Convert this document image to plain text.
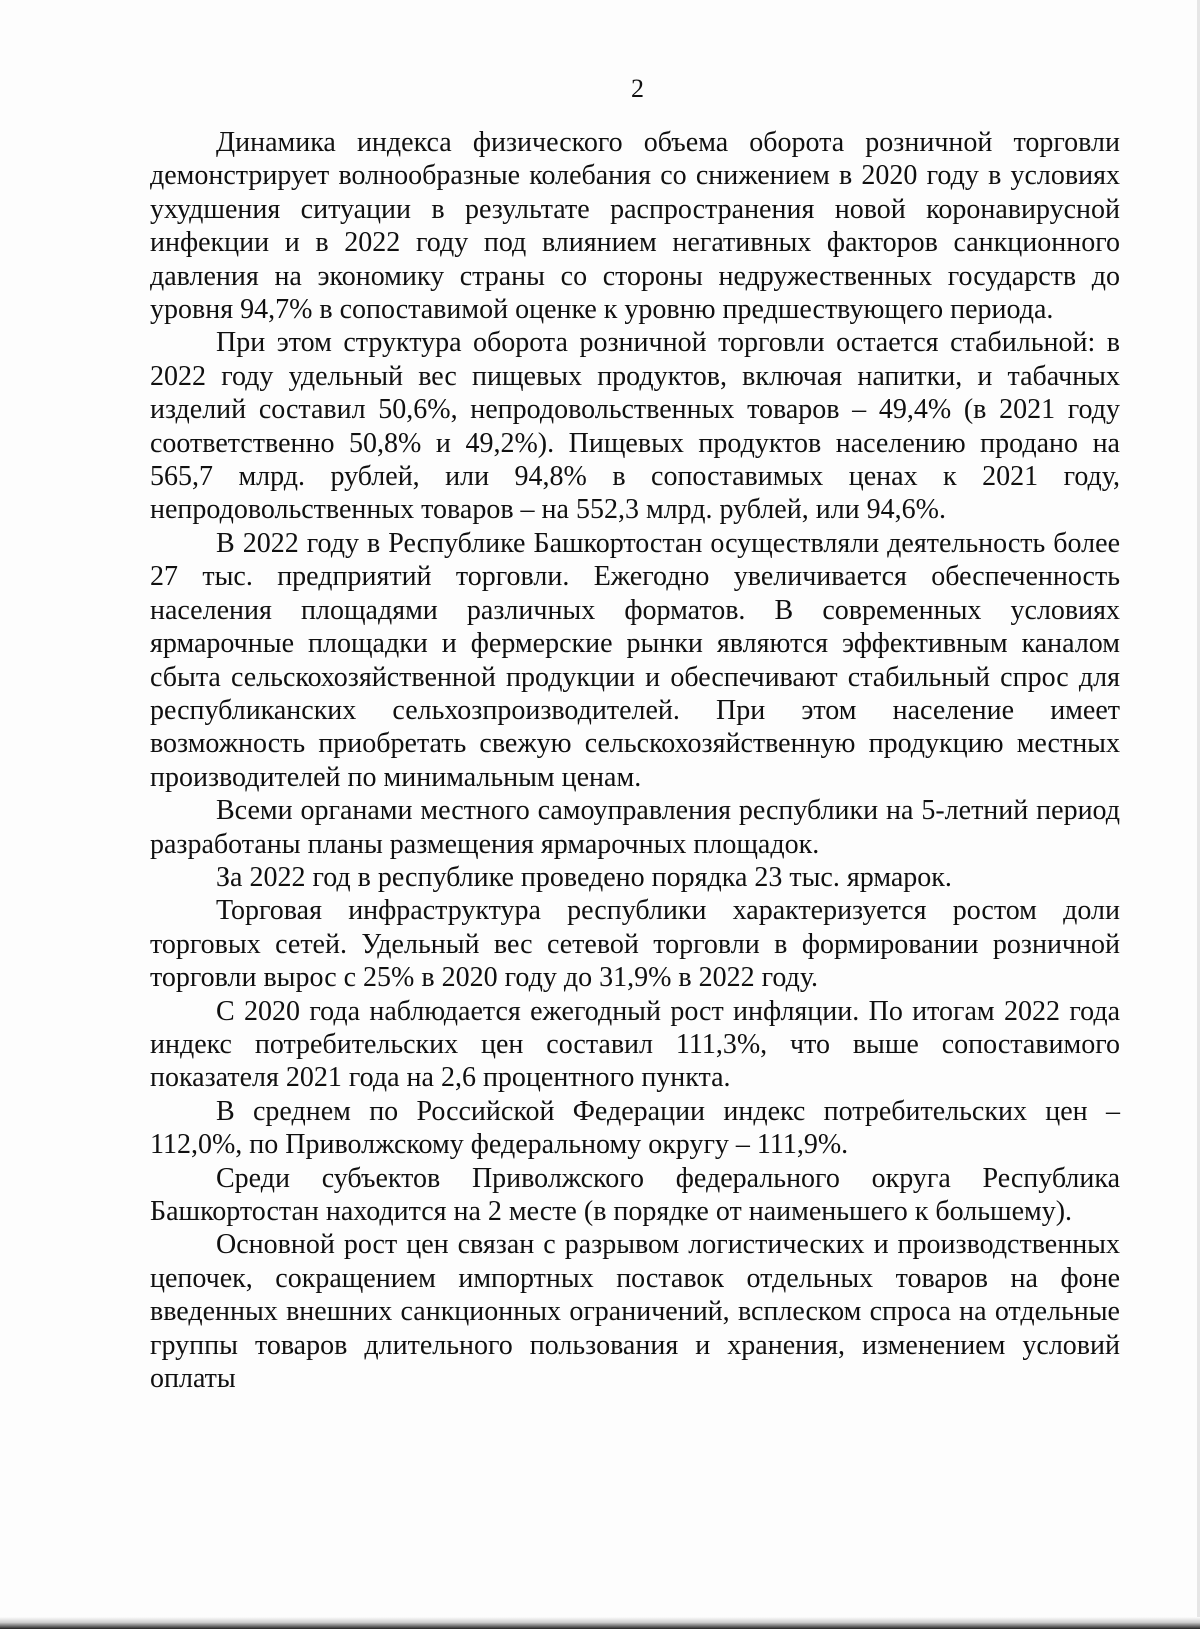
2

Динамика индекса физического объема оборота розничной торговли демонстрирует волнообразные колебания со снижением в 2020 году в условиях ухудшения ситуации в результате распространения новой коронавирусной инфекции и в 2022 году под влиянием негативных факторов санкционного давления на экономику страны со стороны недружественных государств до уровня 94,7% в сопоставимой оценке к уровню предшествующего периода.

При этом структура оборота розничной торговли остается стабильной: в 2022 году удельный вес пищевых продуктов, включая напитки, и табачных изделий составил 50,6%, непродовольственных товаров – 49,4% (в 2021 году соответственно 50,8% и 49,2%). Пищевых продуктов населению продано на 565,7 млрд. рублей, или 94,8% в сопоставимых ценах к 2021 году, непродовольственных товаров – на 552,3 млрд. рублей, или 94,6%.

В 2022 году в Республике Башкортостан осуществляли деятельность более 27 тыс. предприятий торговли. Ежегодно увеличивается обеспеченность населения площадями различных форматов. В современных условиях ярмарочные площадки и фермерские рынки являются эффективным каналом сбыта сельскохозяйственной продукции и обеспечивают стабильный спрос для республиканских сельхозпроизводителей. При этом население имеет возможность приобретать свежую сельскохозяйственную продукцию местных производителей по минимальным ценам.

Всеми органами местного самоуправления республики на 5-летний период разработаны планы размещения ярмарочных площадок.

За 2022 год в республике проведено порядка 23 тыс. ярмарок.

Торговая инфраструктура республики характеризуется ростом доли торговых сетей. Удельный вес сетевой торговли в формировании розничной торговли вырос с 25% в 2020 году до 31,9% в 2022 году.

С 2020 года наблюдается ежегодный рост инфляции. По итогам 2022 года индекс потребительских цен составил 111,3%, что выше сопоставимого показателя 2021 года на 2,6 процентного пункта.

В среднем по Российской Федерации индекс потребительских цен – 112,0%, по Приволжскому федеральному округу – 111,9%.

Среди субъектов Приволжского федерального округа Республика Башкортостан находится на 2 месте (в порядке от наименьшего к большему).

Основной рост цен связан с разрывом логистических и производственных цепочек, сокращением импортных поставок отдельных товаров на фоне введенных внешних санкционных ограничений, всплеском спроса на отдельные группы товаров длительного пользования и хранения, изменением условий оплаты
